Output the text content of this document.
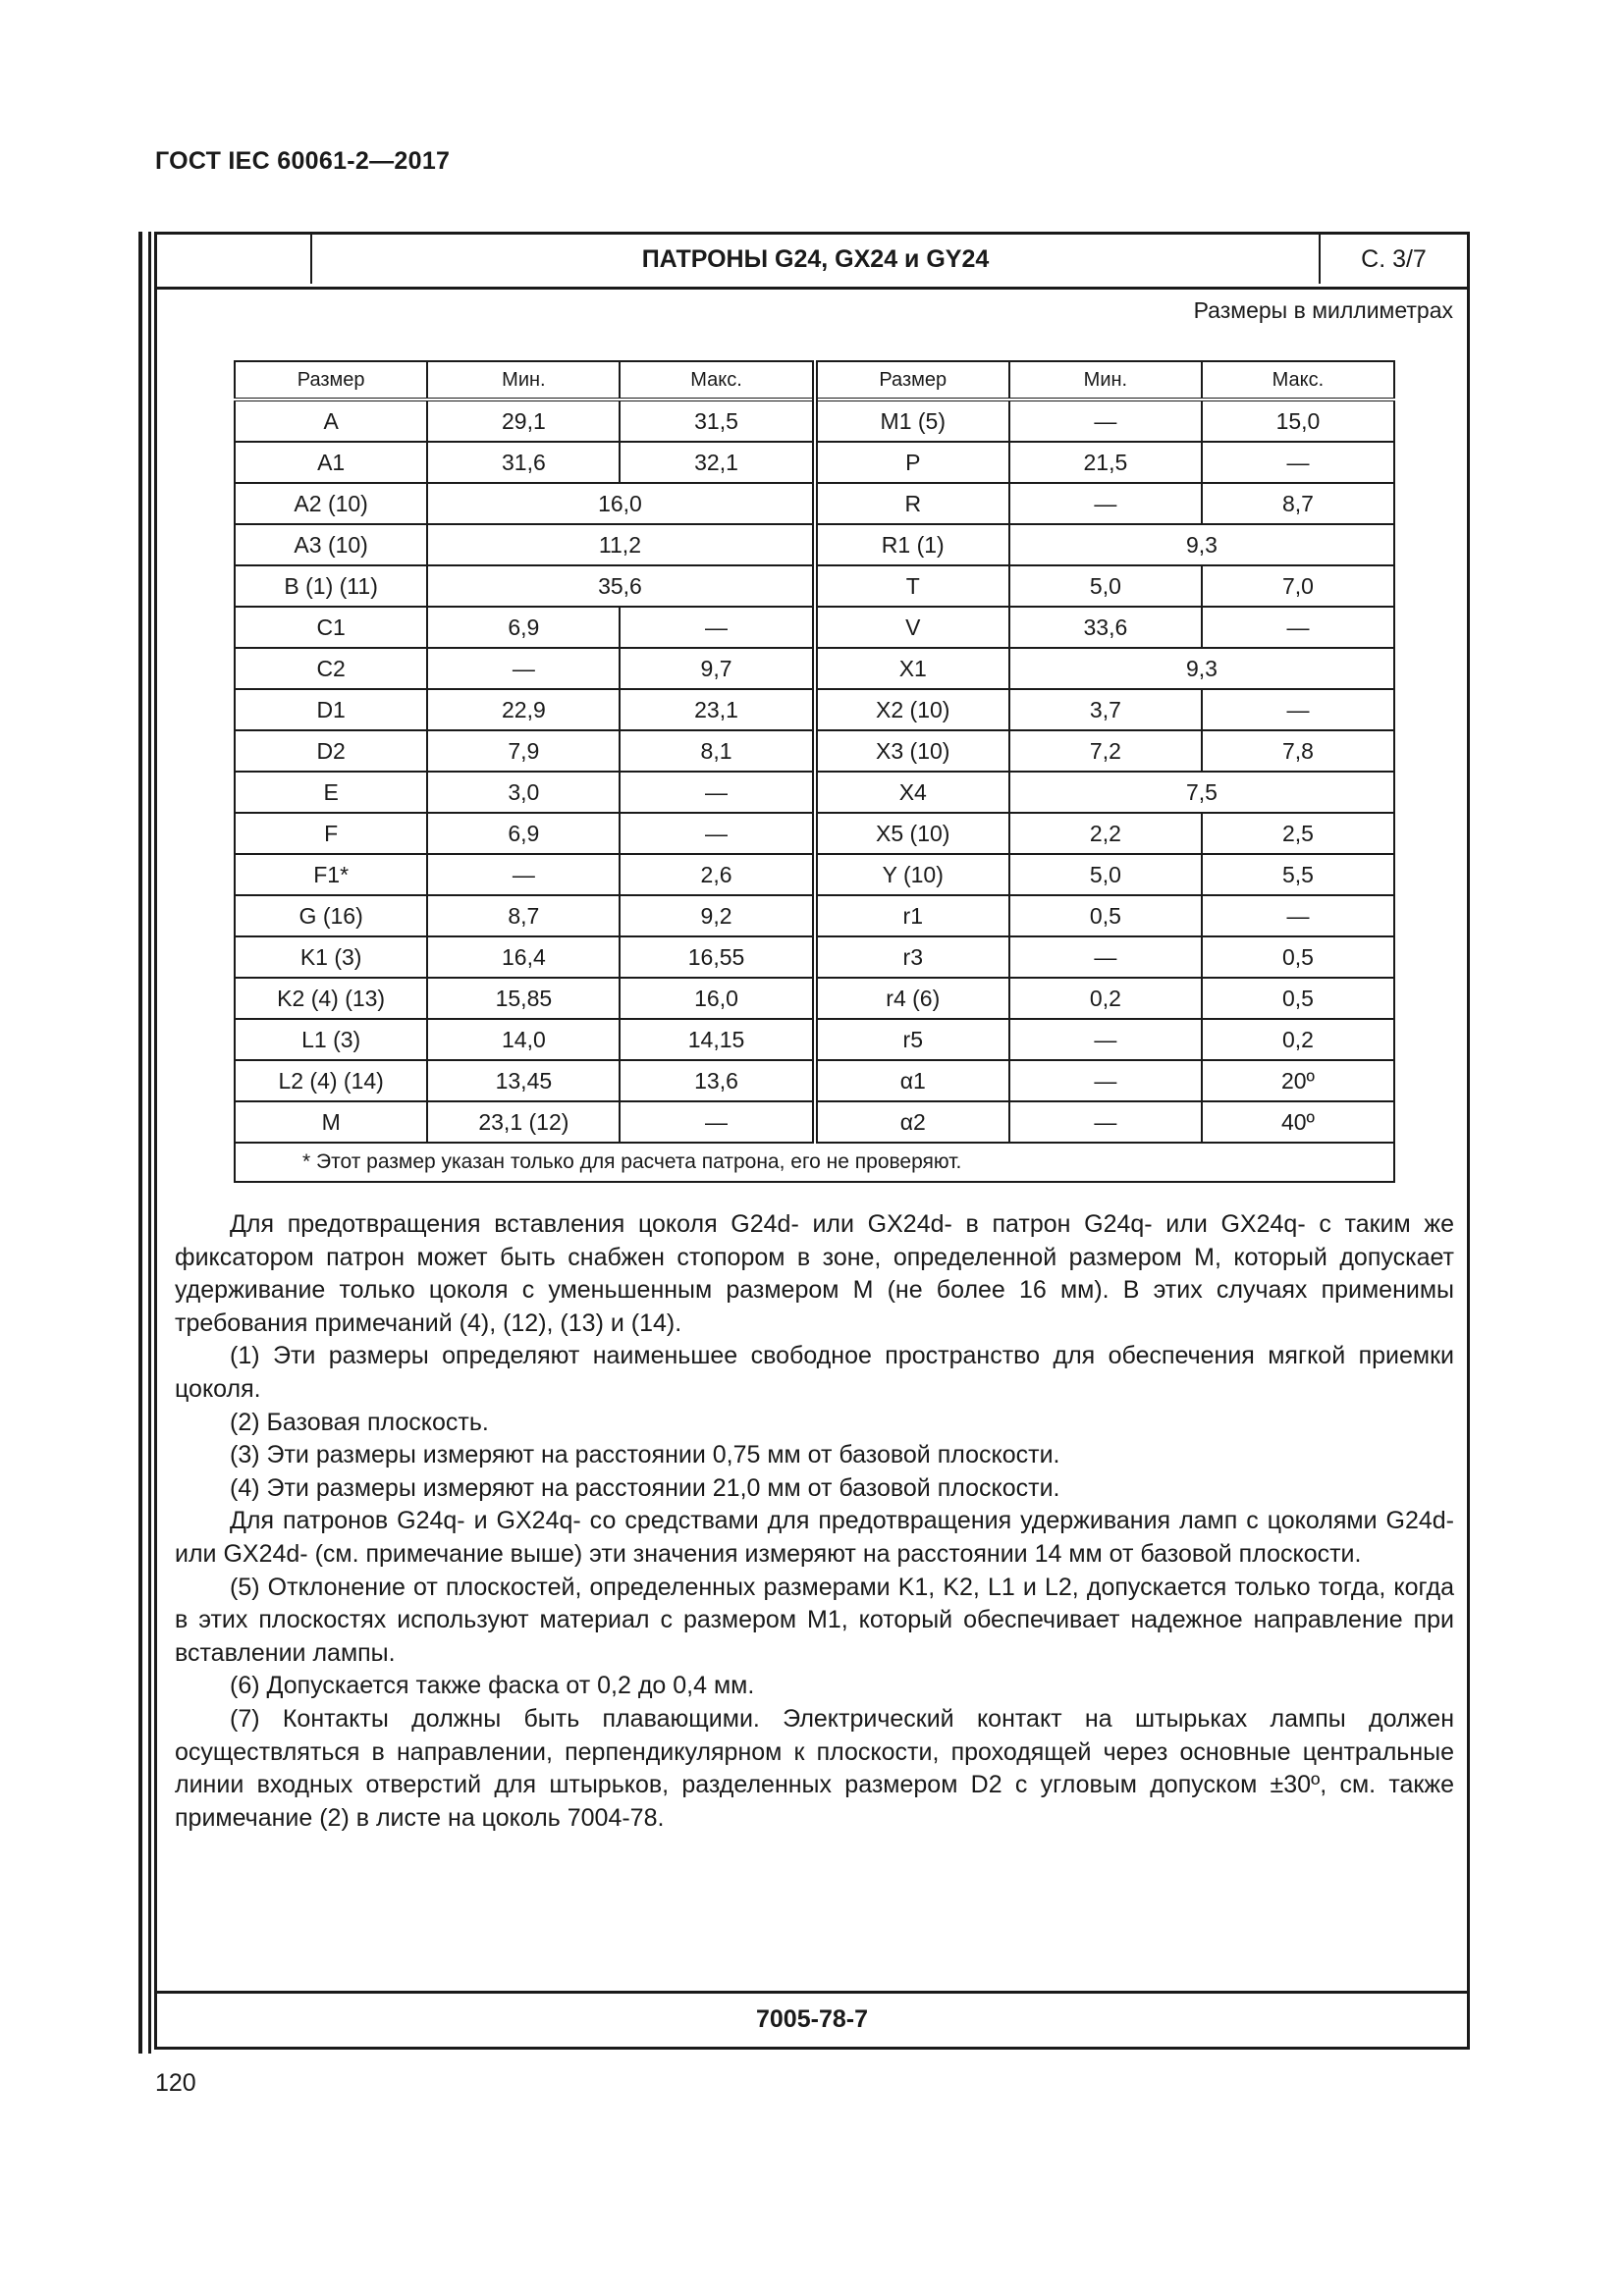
ГОСТ IEC 60061-2—2017
ПАТРОНЫ G24, GX24 и GY24	С. 3/7
Размеры в миллиметрах
Размер	Мин.	Макс.	Размер	Мин.	Макс.
A	29,1	31,5	M1 (5)	—	15,0
A1	31,6	32,1	P	21,5	—
A2 (10)	16,0		R	—	8,7
A3 (10)	11,2		R1 (1)	9,3	
B (1) (11)	35,6		T	5,0	7,0
C1	6,9	—	V	33,6	—
C2	—	9,7	X1	9,3	
D1	22,9	23,1	X2 (10)	3,7	—
D2	7,9	8,1	X3 (10)	7,2	7,8
E	3,0	—	X4	7,5	
F	6,9	—	X5 (10)	2,2	2,5
F1*	—	2,6	Y (10)	5,0	5,5
G (16)	8,7	9,2	r1	0,5	—
K1 (3)	16,4	16,55	r3	—	0,5
K2 (4) (13)	15,85	16,0	r4 (6)	0,2	0,5
L1 (3)	14,0	14,15	r5	—	0,2
L2 (4) (14)	13,45	13,6	α1	—	20º
M	23,1 (12)	—	α2	—	40º
* Этот размер указан только для расчета патрона, его не проверяют.					

Для предотвращения вставления цоколя G24d- или GX24d- в патрон G24q- или GX24q- с таким же фиксатором патрон может быть снабжен стопором в зоне, определенной размером M, который допускает удерживание только цоколя с уменьшенным размером M (не более 16 мм). В этих случаях применимы требования примечаний (4), (12), (13) и (14).

(1) Эти размеры определяют наименьшее свободное пространство для обеспечения мягкой приемки цоколя.

(2) Базовая плоскость.

(3) Эти размеры измеряют на расстоянии 0,75 мм от базовой плоскости.

(4) Эти размеры измеряют на расстоянии 21,0 мм от базовой плоскости.

Для патронов G24q- и GX24q- со средствами для предотвращения удерживания ламп с цоколями G24d- или GX24d- (см. примечание выше) эти значения измеряют на расстоянии 14 мм от базовой плоскости.

(5) Отклонение от плоскостей, определенных размерами K1, K2, L1 и L2, допускается только тогда, когда в этих плоскостях используют материал с размером M1, который обеспечивает надежное направление при вставлении лампы.

(6) Допускается также фаска от 0,2 до 0,4 мм.

(7) Контакты должны быть плавающими. Электрический контакт на штырьках лампы должен осуществляться в направлении, перпендикулярном к плоскости, проходящей через основные центральные линии входных отверстий для штырьков, разделенных размером D2 с угловым допуском ±30º, см. также примечание (2) в листе на цоколь 7004-78.

7005-78-7
120
